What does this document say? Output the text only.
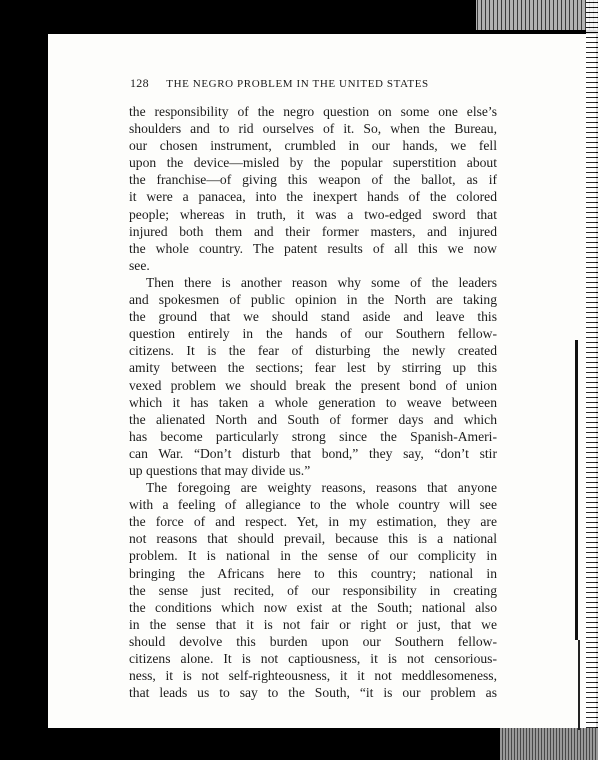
128 THE NEGRO PROBLEM IN THE UNITED STATES
the responsibility of the negro question on some one else’s
shoulders and to rid ourselves of it. So, when the Bureau,
our chosen instrument, crumbled in our hands, we fell
upon the device—misled by the popular superstition about
the franchise—of giving this weapon of the ballot, as if
it were a panacea, into the inexpert hands of the colored
people; whereas in truth, it was a two-edged sword that
injured both them and their former masters, and injured
the whole country. The patent results of all this we now
see.
Then there is another reason why some of the leaders
and spokesmen of public opinion in the North are taking
the ground that we should stand aside and leave this
question entirely in the hands of our Southern fellow-
citizens. It is the fear of disturbing the newly created
amity between the sections; fear lest by stirring up this
vexed problem we should break the present bond of union
which it has taken a whole generation to weave between
the alienated North and South of former days and which
has become particularly strong since the Spanish-Ameri-
can War. “Don’t disturb that bond,” they say, “don’t stir
up questions that may divide us.”
The foregoing are weighty reasons, reasons that anyone
with a feeling of allegiance to the whole country will see
the force of and respect. Yet, in my estimation, they are
not reasons that should prevail, because this is a national
problem. It is national in the sense of our complicity in
bringing the Africans here to this country; national in
the sense just recited, of our responsibility in creating
the conditions which now exist at the South; national also
in the sense that it is not fair or right or just, that we
should devolve this burden upon our Southern fellow-
citizens alone. It is not captiousness, it is not censorious-
ness, it is not self-righteousness, it it not meddlesomeness,
that leads us to say to the South, “it is our problem as
